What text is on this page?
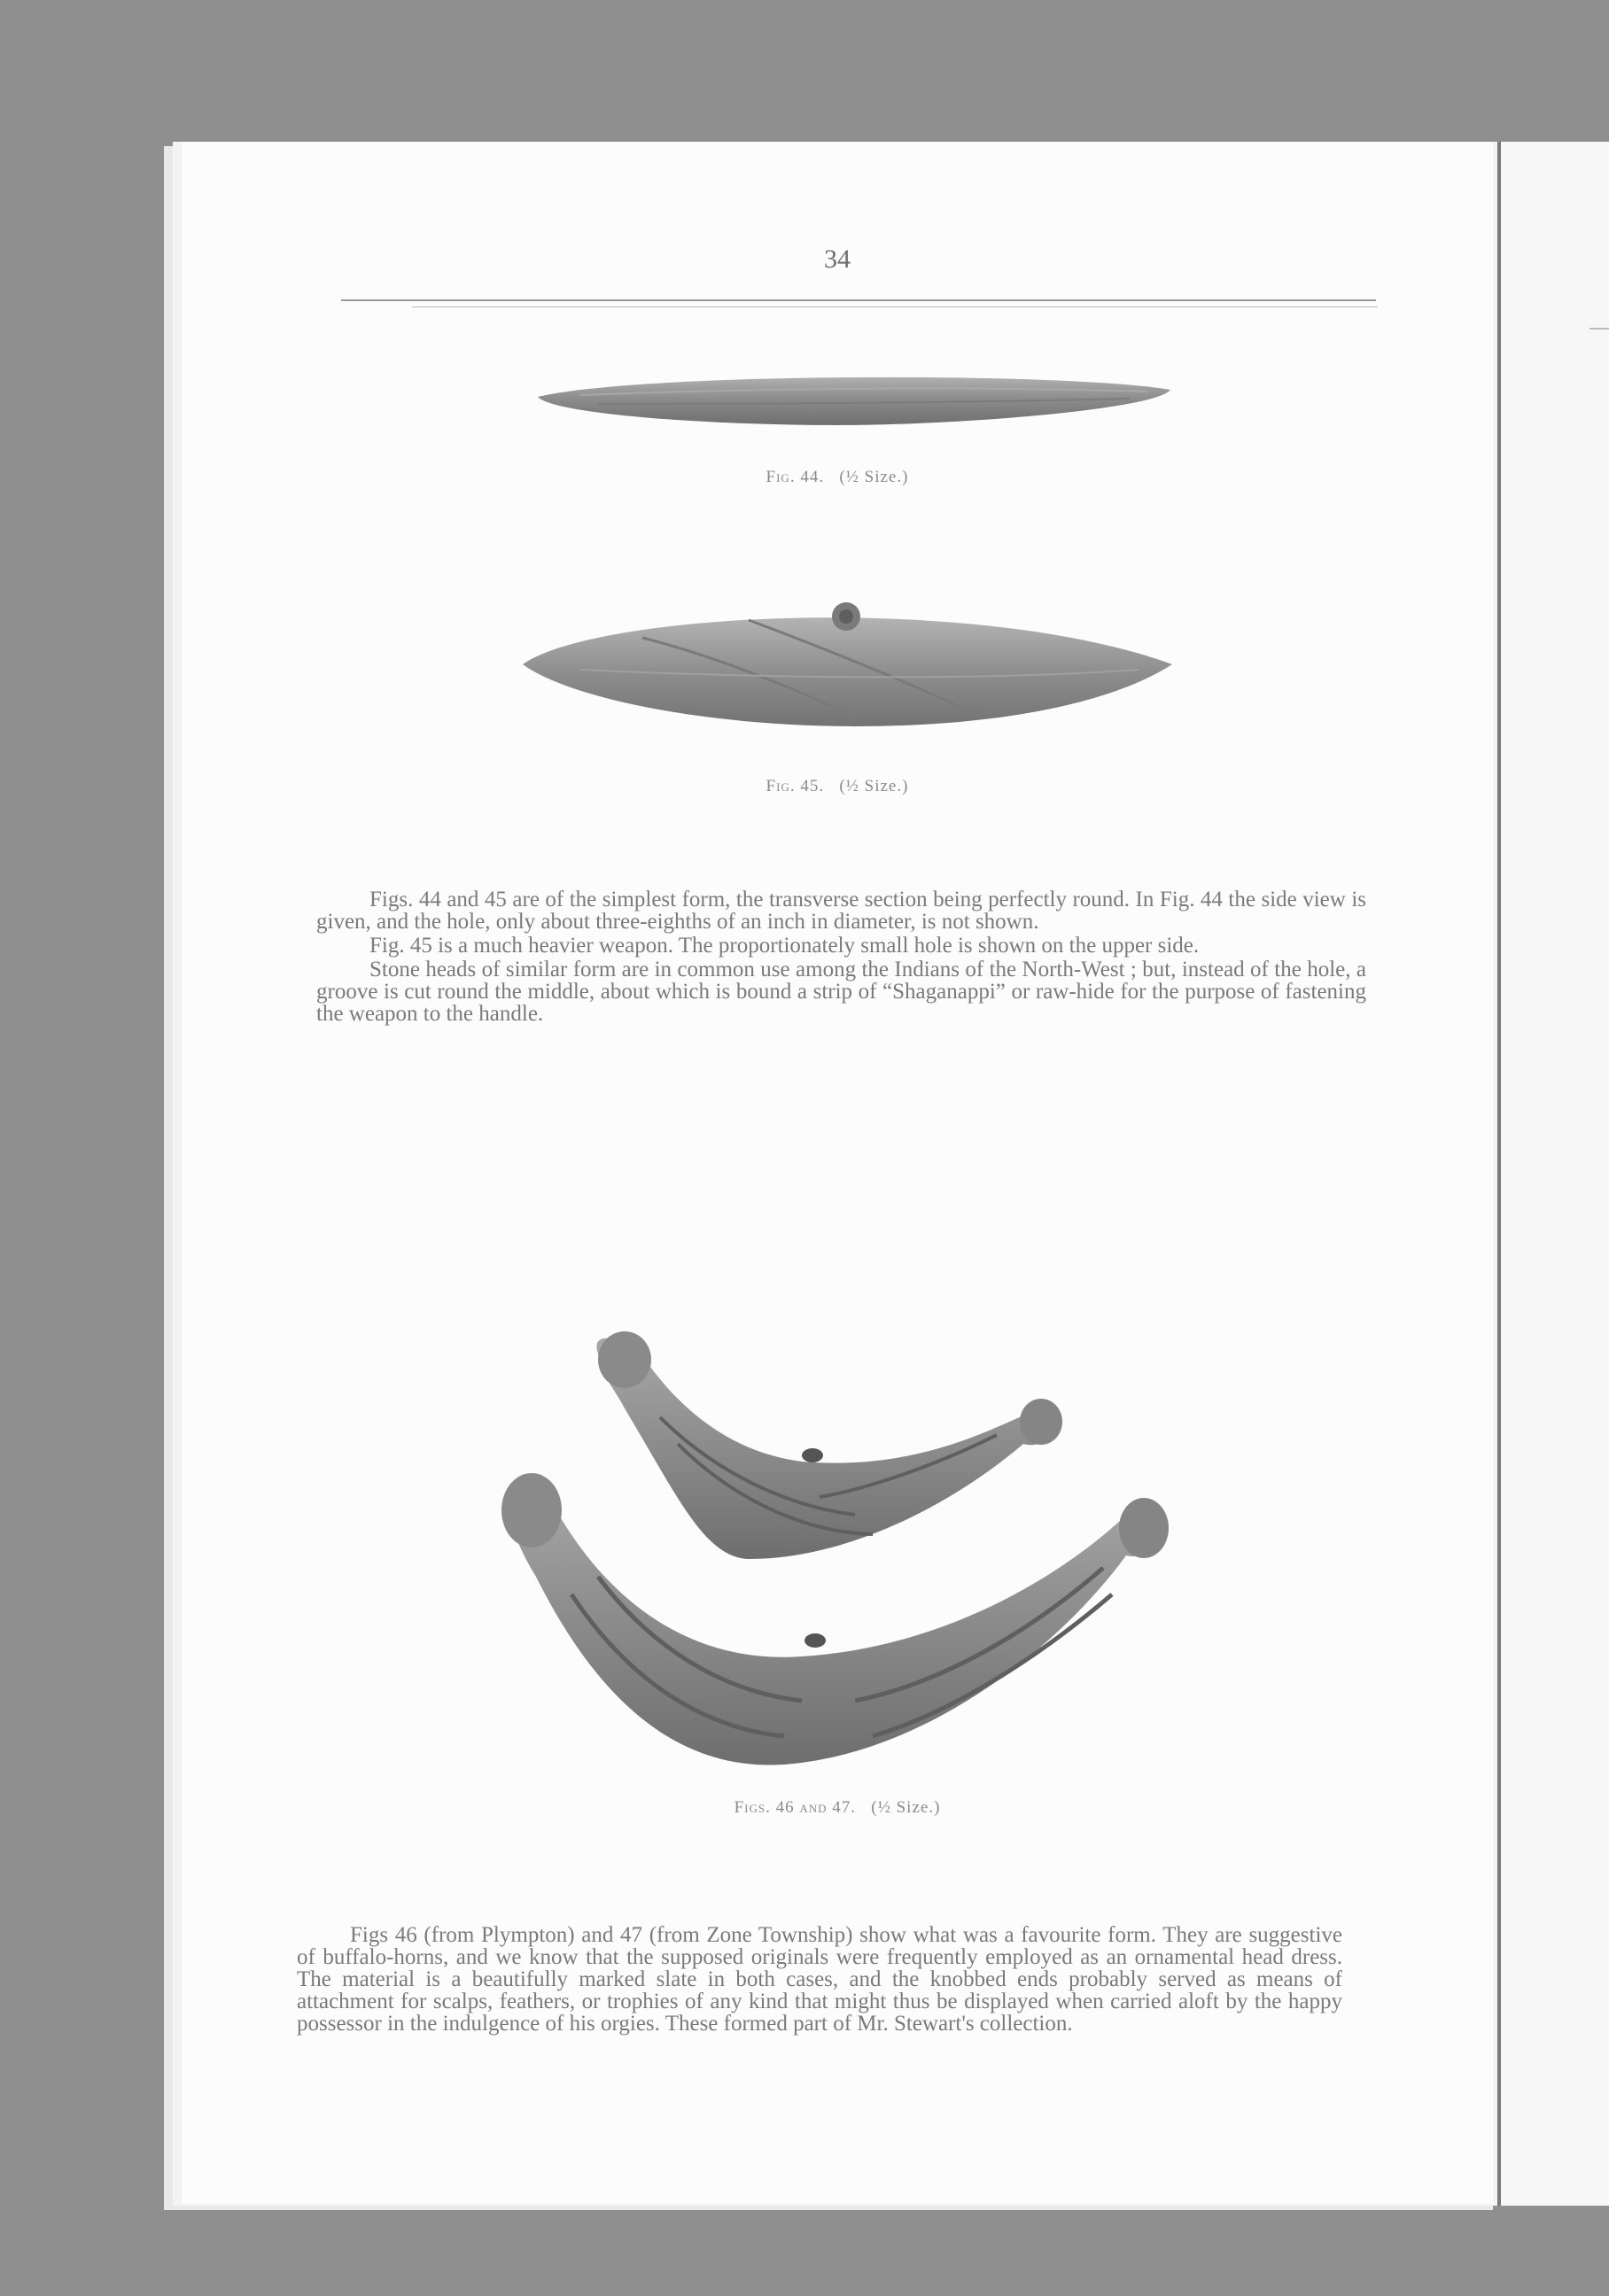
34
Fig. 44. (½ Size.)
Fig. 45. (½ Size.)

Figs. 44 and 45 are of the simplest form, the transverse section being perfectly round. In Fig. 44 the side view is given, and the hole, only about three-eighths of an inch in diameter, is not shown.

Fig. 45 is a much heavier weapon. The proportionately small hole is shown on the upper side.

Stone heads of similar form are in common use among the Indians of the North-West ; but, instead of the hole, a groove is cut round the middle, about which is bound a strip of “Shaganappi” or raw-hide for the purpose of fastening the weapon to the handle.

Figs. 46 and 47. (½ Size.)

Figs 46 (from Plympton) and 47 (from Zone Township) show what was a favourite form. They are suggestive of buffalo-horns, and we know that the supposed originals were frequently employed as an ornamental head dress. The material is a beautifully marked slate in both cases, and the knobbed ends probably served as means of attachment for scalps, feathers, or trophies of any kind that might thus be displayed when carried aloft by the happy possessor in the indulgence of his orgies. These formed part of Mr. Stewart's collection.
